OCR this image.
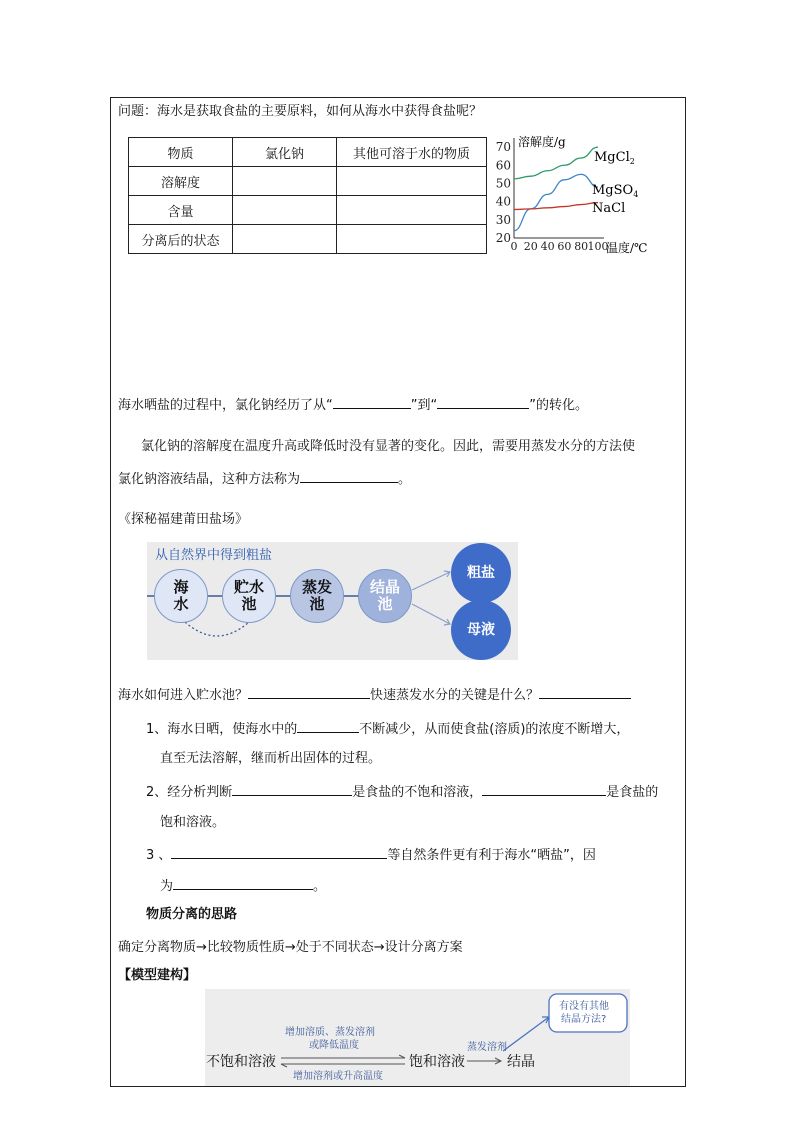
问题：海水是获取食盐的主要原料，如何从海水中获得食盐呢？
物质	氯化钠	其他可溶于水的物质
溶解度		
含量		
分离后的状态		
70
60
50
40
30
20
0 20 40 60 80 100
溶解度/g
温度/℃
MgCl$_2$
MgSO$_4$
NaCl
海水晒盐的过程中，氯化钠经历了从“	”到“	”的转化。
氯化钠的溶解度在温度升高或降低时没有显著的变化。因此，需要用蒸发水分的方法使
氯化钠溶液结晶，这种方法称为	。
《探秘福建莆田盐场》
从自然界中得到粗盐
海
水
贮水
池
蒸发
池
结晶
池
粗盐
母液
海水如何进入贮水池？	快速蒸发水分的关键是什么？
1、海水日晒，使海水中的	不断减少，从而使食盐(溶质)的浓度不断增大，
直至无法溶解，继而析出固体的过程。
2、经分析判断	是食盐的不饱和溶液，	是食盐的
饱和溶液。
3 、	等自然条件更有利于海水“晒盐”，因
为	。
物质分离的思路
确定分离物质→比较物质性质→处于不同状态→设计分离方案
【模型建构】
不饱和溶液	饱和溶液	结晶
增加溶质、蒸发溶剂
或降低温度
增加溶剂或升高温度
蒸发溶剂
有没有其他
结晶方法?
